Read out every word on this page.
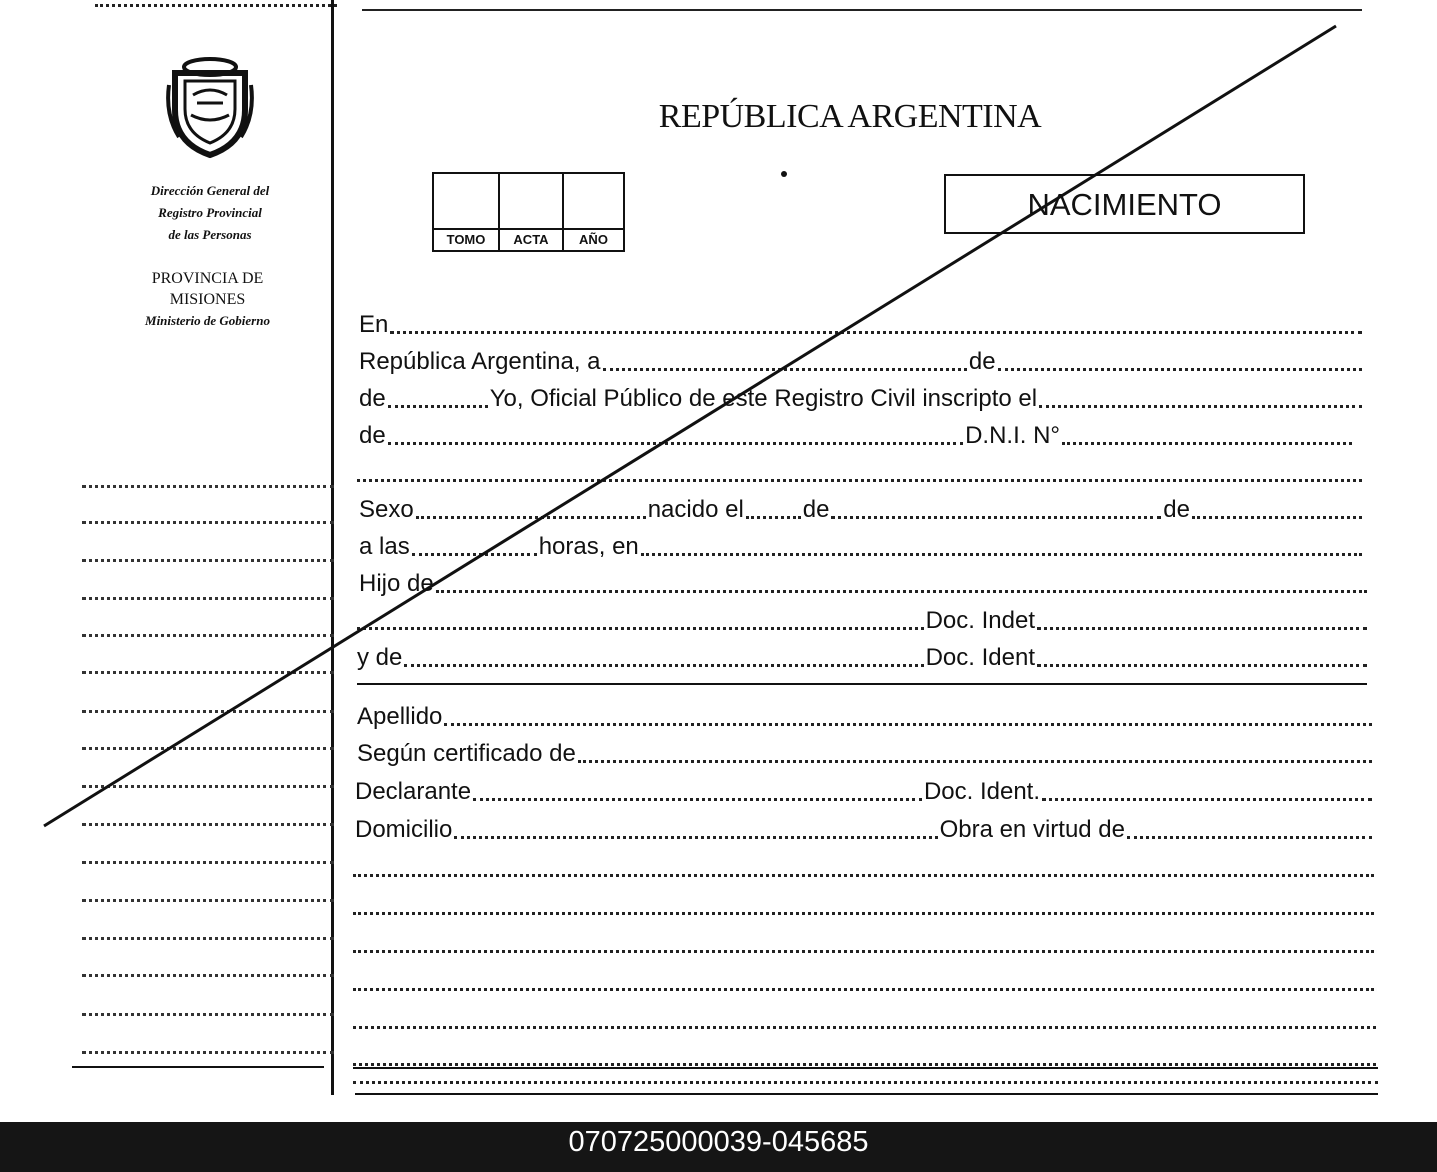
Dirección General del
Registro Provincial
de las Personas
PROVINCIA DE
MISIONES
Ministerio de Gobierno
REPÚBLICA ARGENTINA
TOMO	ACTA	AÑO
NACIMIENTO
En
República Argentina, a	de
de	Yo, Oficial Público de este Registro Civil inscripto el
de	D.N.I. N°
Sexo	nacido el de	de
a las	horas, en
Hijo de
Doc. Indet
y de	Doc. Ident
Apellido
Según certificado de
Declarante	Doc. Ident.
Domicilio	Obra en virtud de
070725000039-045685
